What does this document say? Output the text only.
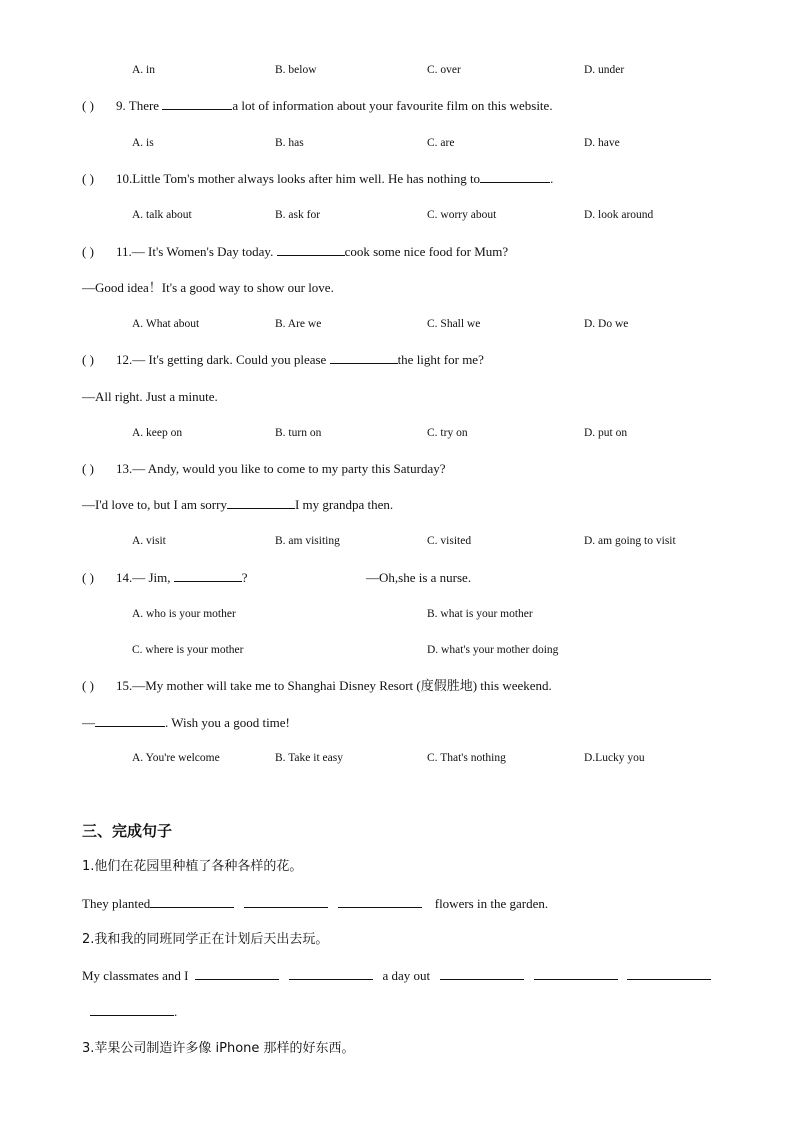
A. in	B. below	C. over	D. under
( ) 9. There	a lot of information about your favourite film on this website.
A. is	B. has	C. are	D. have
( ) 10.Little Tom's mother always looks after him well. He has nothing to	.
A. talk about	B. ask for	C. worry about	D. look around
( ) 11.— It's Women's Day today.	cook some nice food for Mum?
—Good idea！It's a good way to show our love.
A. What about	B. Are we	C. Shall we	D. Do we
( ) 12.— It's getting dark. Could you please	the light for me?
—All right. Just a minute.
A. keep on	B. turn on	C. try on	D. put on
( ) 13.— Andy, would you like to come to my party this Saturday?
—I'd love to, but I am sorry	I my grandpa then.
A. visit	B. am visiting	C. visited	D. am going to visit
( ) 14.— Jim,	?	—Oh,she is a nurse.
A. who is your mother	B. what is your mother
C. where is your mother	D. what's your mother doing
( ) 15.—My mother will take me to Shanghai Disney Resort (度假胜地) this weekend.
—	. Wish you a good time!
A. You're welcome	B. Take it easy	C. That's nothing	D.Lucky you
三、完成句子
1.他们在花园里种植了各种各样的花。
They planted	flowers in the garden.
2.我和我的同班同学正在计划后天出去玩。
My classmates and I	a day out
.
3.苹果公司制造许多像 iPhone 那样的好东西。
